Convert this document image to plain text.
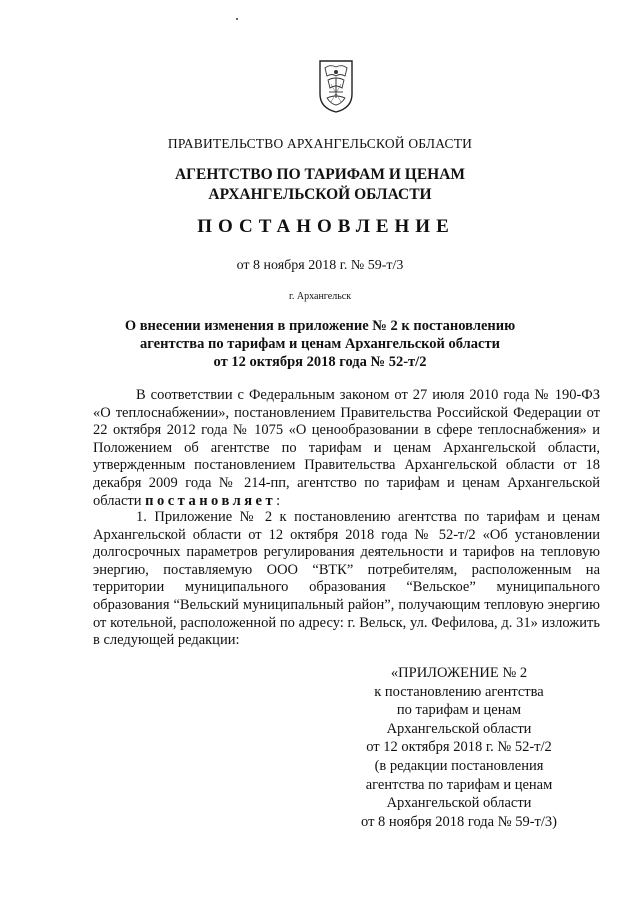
ПРАВИТЕЛЬСТВО АРХАНГЕЛЬСКОЙ ОБЛАСТИ
АГЕНТСТВО ПО ТАРИФАМ И ЦЕНАМ
АРХАНГЕЛЬСКОЙ ОБЛАСТИ
ПОСТАНОВЛЕНИЕ
от 8 ноября 2018 г. № 59-т/3
г. Архангельск
О внесении изменения в приложение № 2 к постановлению
агентства по тарифам и ценам Архангельской области
от 12 октября 2018 года № 52-т/2
В соответствии с Федеральным законом от 27 июля 2010 года № 190-ФЗ «О теплоснабжении», постановлением Правительства Российской Федерации от 22 октября 2012 года № 1075 «О ценообразовании в сфере теплоснабжения» и Положением об агентстве по тарифам и ценам Архангельской области, утвержденным постановлением Правительства Архангельской области от 18 декабря 2009 года № 214-пп, агентство по тарифам и ценам Архангельской области постановляет:
1. Приложение № 2 к постановлению агентства по тарифам и ценам Архангельской области от 12 октября 2018 года № 52-т/2 «Об установлении долгосрочных параметров регулирования деятельности и тарифов на тепловую энергию, поставляемую ООО “ВТК” потребителям, расположенным на территории муниципального образования “Вельское” муниципального образования “Вельский муниципальный район”, получающим тепловую энергию от котельной, расположенной по адресу: г. Вельск, ул. Фефилова, д. 31» изложить в следующей редакции:
«ПРИЛОЖЕНИЕ № 2
к постановлению агентства
по тарифам и ценам
Архангельской области
от 12 октября 2018 г. № 52-т/2
(в редакции постановления
агентства по тарифам и ценам
Архангельской области
от 8 ноября 2018 года № 59-т/3)
